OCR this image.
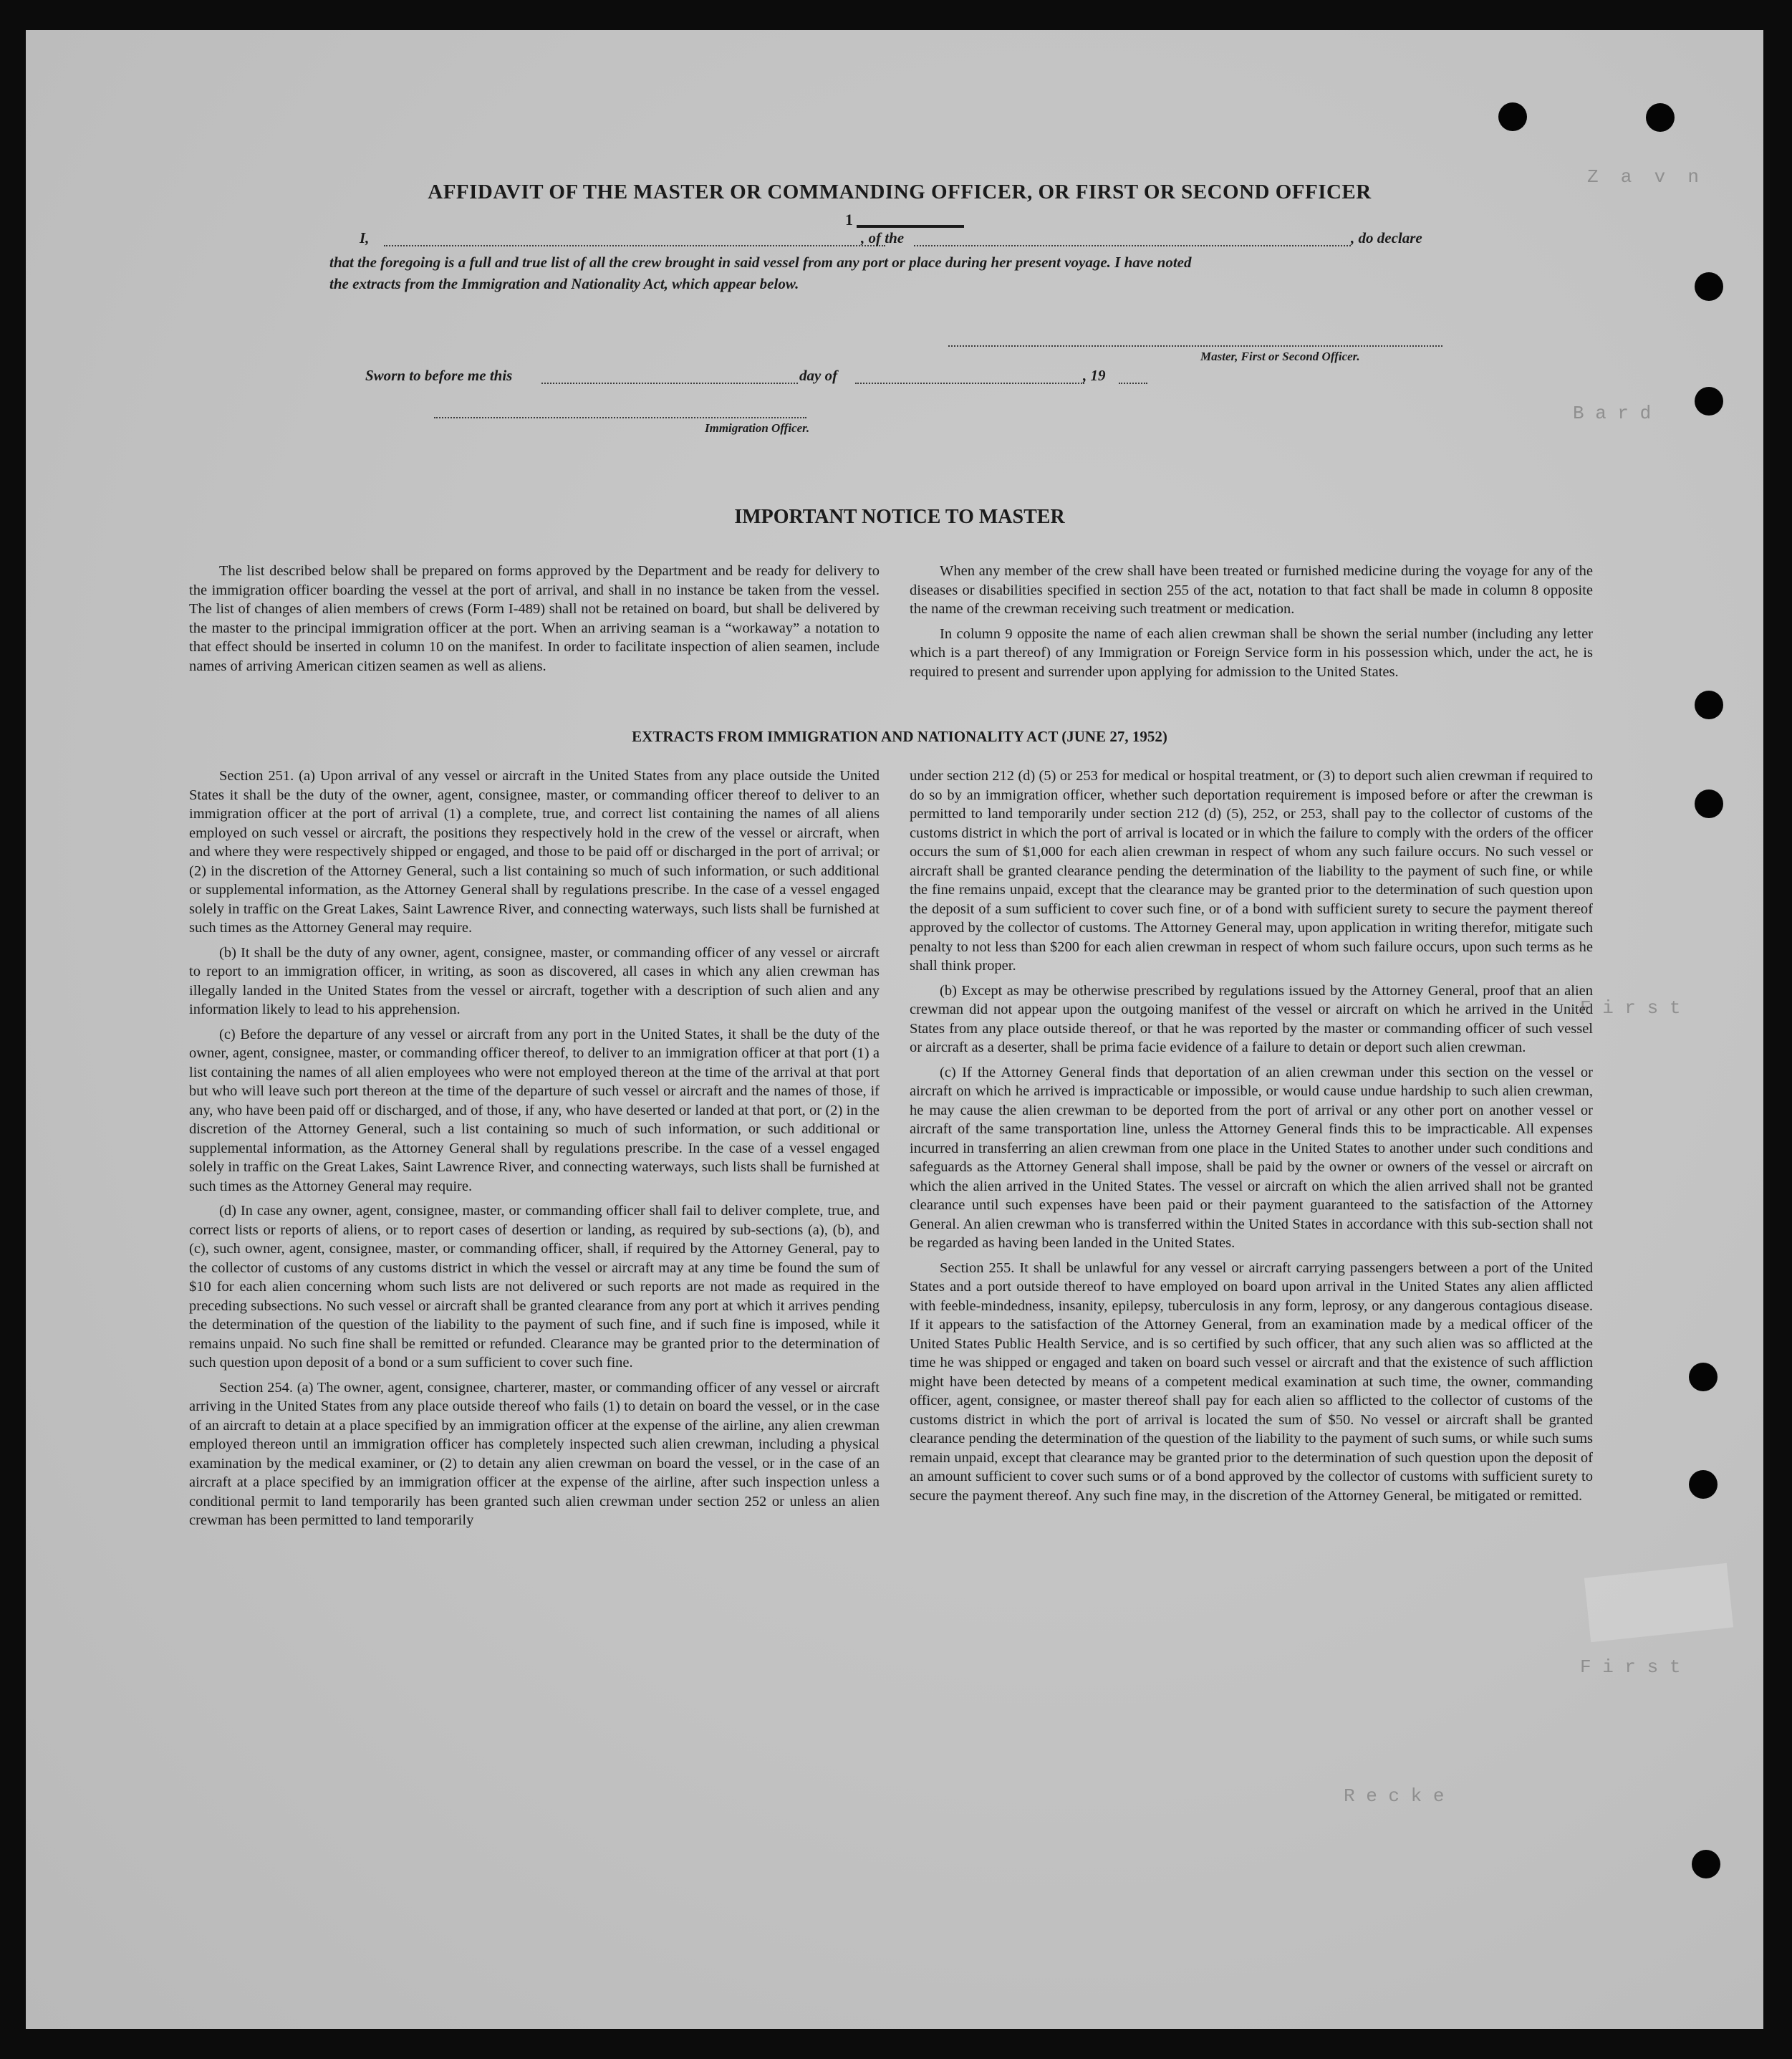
Z  a  v  n
B a r d
F i r s t
F i r s t
R e c k e
AFFIDAVIT OF THE MASTER OR COMMANDING OFFICER, OR FIRST OR SECOND OFFICER
1
I,	, of the	, do declare
that the foregoing is a full and true list of all the crew brought in said vessel from any port or place during her present voyage. I have noted
the extracts from the Immigration and Nationality Act, which appear below.
Master, First or Second Officer.
Sworn to before me this	day of	, 19
Immigration Officer.
IMPORTANT NOTICE TO MASTER

The list described below shall be prepared on forms approved by the Department and be ready for delivery to the immigration officer boarding the vessel at the port of arrival, and shall in no instance be taken from the vessel. The list of changes of alien members of crews (Form I-489) shall not be retained on board, but shall be delivered by the master to the principal immigration officer at the port. When an arriving seaman is a “workaway” a notation to that effect should be inserted in column 10 on the manifest. In order to facilitate inspection of alien seamen, include names of arriving American citizen seamen as well as aliens.

When any member of the crew shall have been treated or furnished medicine during the voyage for any of the diseases or disabilities specified in section 255 of the act, notation to that fact shall be made in column 8 opposite the name of the crewman receiving such treatment or medication.

In column 9 opposite the name of each alien crewman shall be shown the serial number (including any letter which is a part thereof) of any Immigration or Foreign Service form in his possession which, under the act, he is required to present and surrender upon applying for admission to the United States.

EXTRACTS FROM IMMIGRATION AND NATIONALITY ACT (JUNE 27, 1952)

Section 251. (a) Upon arrival of any vessel or aircraft in the United States from any place outside the United States it shall be the duty of the owner, agent, consignee, master, or commanding officer thereof to deliver to an immigration officer at the port of arrival (1) a complete, true, and correct list containing the names of all aliens employed on such vessel or aircraft, the positions they respectively hold in the crew of the vessel or aircraft, when and where they were respectively shipped or engaged, and those to be paid off or discharged in the port of arrival; or (2) in the discretion of the Attorney General, such a list containing so much of such information, or such additional or supplemental information, as the Attorney General shall by regulations prescribe. In the case of a vessel engaged solely in traffic on the Great Lakes, Saint Lawrence River, and connecting waterways, such lists shall be furnished at such times as the Attorney General may require.

(b) It shall be the duty of any owner, agent, consignee, master, or commanding officer of any vessel or aircraft to report to an immigration officer, in writing, as soon as discovered, all cases in which any alien crewman has illegally landed in the United States from the vessel or aircraft, together with a description of such alien and any information likely to lead to his apprehension.

(c) Before the departure of any vessel or aircraft from any port in the United States, it shall be the duty of the owner, agent, consignee, master, or commanding officer thereof, to deliver to an immigration officer at that port (1) a list containing the names of all alien employees who were not employed thereon at the time of the arrival at that port but who will leave such port thereon at the time of the departure of such vessel or aircraft and the names of those, if any, who have been paid off or discharged, and of those, if any, who have deserted or landed at that port, or (2) in the discretion of the Attorney General, such a list containing so much of such information, or such additional or supplemental information, as the Attorney General shall by regulations prescribe. In the case of a vessel engaged solely in traffic on the Great Lakes, Saint Lawrence River, and connecting waterways, such lists shall be furnished at such times as the Attorney General may require.

(d) In case any owner, agent, consignee, master, or commanding officer shall fail to deliver complete, true, and correct lists or reports of aliens, or to report cases of desertion or landing, as required by sub-sections (a), (b), and (c), such owner, agent, consignee, master, or commanding officer, shall, if required by the Attorney General, pay to the collector of customs of any customs district in which the vessel or aircraft may at any time be found the sum of $10 for each alien concerning whom such lists are not delivered or such reports are not made as required in the preceding subsections. No such vessel or aircraft shall be granted clearance from any port at which it arrives pending the determination of the question of the liability to the payment of such fine, and if such fine is imposed, while it remains unpaid. No such fine shall be remitted or refunded. Clearance may be granted prior to the determination of such question upon deposit of a bond or a sum sufficient to cover such fine.

Section 254. (a) The owner, agent, consignee, charterer, master, or commanding officer of any vessel or aircraft arriving in the United States from any place outside thereof who fails (1) to detain on board the vessel, or in the case of an aircraft to detain at a place specified by an immigration officer at the expense of the airline, any alien crewman employed thereon until an immigration officer has completely inspected such alien crewman, including a physical examination by the medical examiner, or (2) to detain any alien crewman on board the vessel, or in the case of an aircraft at a place specified by an immigration officer at the expense of the airline, after such inspection unless a conditional permit to land temporarily has been granted such alien crewman under section 252 or unless an alien crewman has been permitted to land temporarily

under section 212 (d) (5) or 253 for medical or hospital treatment, or (3) to deport such alien crewman if required to do so by an immigration officer, whether such deportation requirement is imposed before or after the crewman is permitted to land temporarily under section 212 (d) (5), 252, or 253, shall pay to the collector of customs of the customs district in which the port of arrival is located or in which the failure to comply with the orders of the officer occurs the sum of $1,000 for each alien crewman in respect of whom any such failure occurs. No such vessel or aircraft shall be granted clearance pending the determination of the liability to the payment of such fine, or while the fine remains unpaid, except that the clearance may be granted prior to the determination of such question upon the deposit of a sum sufficient to cover such fine, or of a bond with sufficient surety to secure the payment thereof approved by the collector of customs. The Attorney General may, upon application in writing therefor, mitigate such penalty to not less than $200 for each alien crewman in respect of whom such failure occurs, upon such terms as he shall think proper.

(b) Except as may be otherwise prescribed by regulations issued by the Attorney General, proof that an alien crewman did not appear upon the outgoing manifest of the vessel or aircraft on which he arrived in the United States from any place outside thereof, or that he was reported by the master or commanding officer of such vessel or aircraft as a deserter, shall be prima facie evidence of a failure to detain or deport such alien crewman.

(c) If the Attorney General finds that deportation of an alien crewman under this section on the vessel or aircraft on which he arrived is impracticable or impossible, or would cause undue hardship to such alien crewman, he may cause the alien crewman to be deported from the port of arrival or any other port on another vessel or aircraft of the same transportation line, unless the Attorney General finds this to be impracticable. All expenses incurred in transferring an alien crewman from one place in the United States to another under such conditions and safeguards as the Attorney General shall impose, shall be paid by the owner or owners of the vessel or aircraft on which the alien arrived in the United States. The vessel or aircraft on which the alien arrived shall not be granted clearance until such expenses have been paid or their payment guaranteed to the satisfaction of the Attorney General. An alien crewman who is transferred within the United States in accordance with this sub-section shall not be regarded as having been landed in the United States.

Section 255. It shall be unlawful for any vessel or aircraft carrying passengers between a port of the United States and a port outside thereof to have employed on board upon arrival in the United States any alien afflicted with feeble-mindedness, insanity, epilepsy, tuberculosis in any form, leprosy, or any dangerous contagious disease. If it appears to the satisfaction of the Attorney General, from an examination made by a medical officer of the United States Public Health Service, and is so certified by such officer, that any such alien was so afflicted at the time he was shipped or engaged and taken on board such vessel or aircraft and that the existence of such affliction might have been detected by means of a competent medical examination at such time, the owner, commanding officer, agent, consignee, or master thereof shall pay for each alien so afflicted to the collector of customs of the customs district in which the port of arrival is located the sum of $50. No vessel or aircraft shall be granted clearance pending the determination of the question of the liability to the payment of such sums, or while such sums remain unpaid, except that clearance may be granted prior to the determination of such question upon the deposit of an amount sufficient to cover such sums or of a bond approved by the collector of customs with sufficient surety to secure the payment thereof. Any such fine may, in the discretion of the Attorney General, be mitigated or remitted.
